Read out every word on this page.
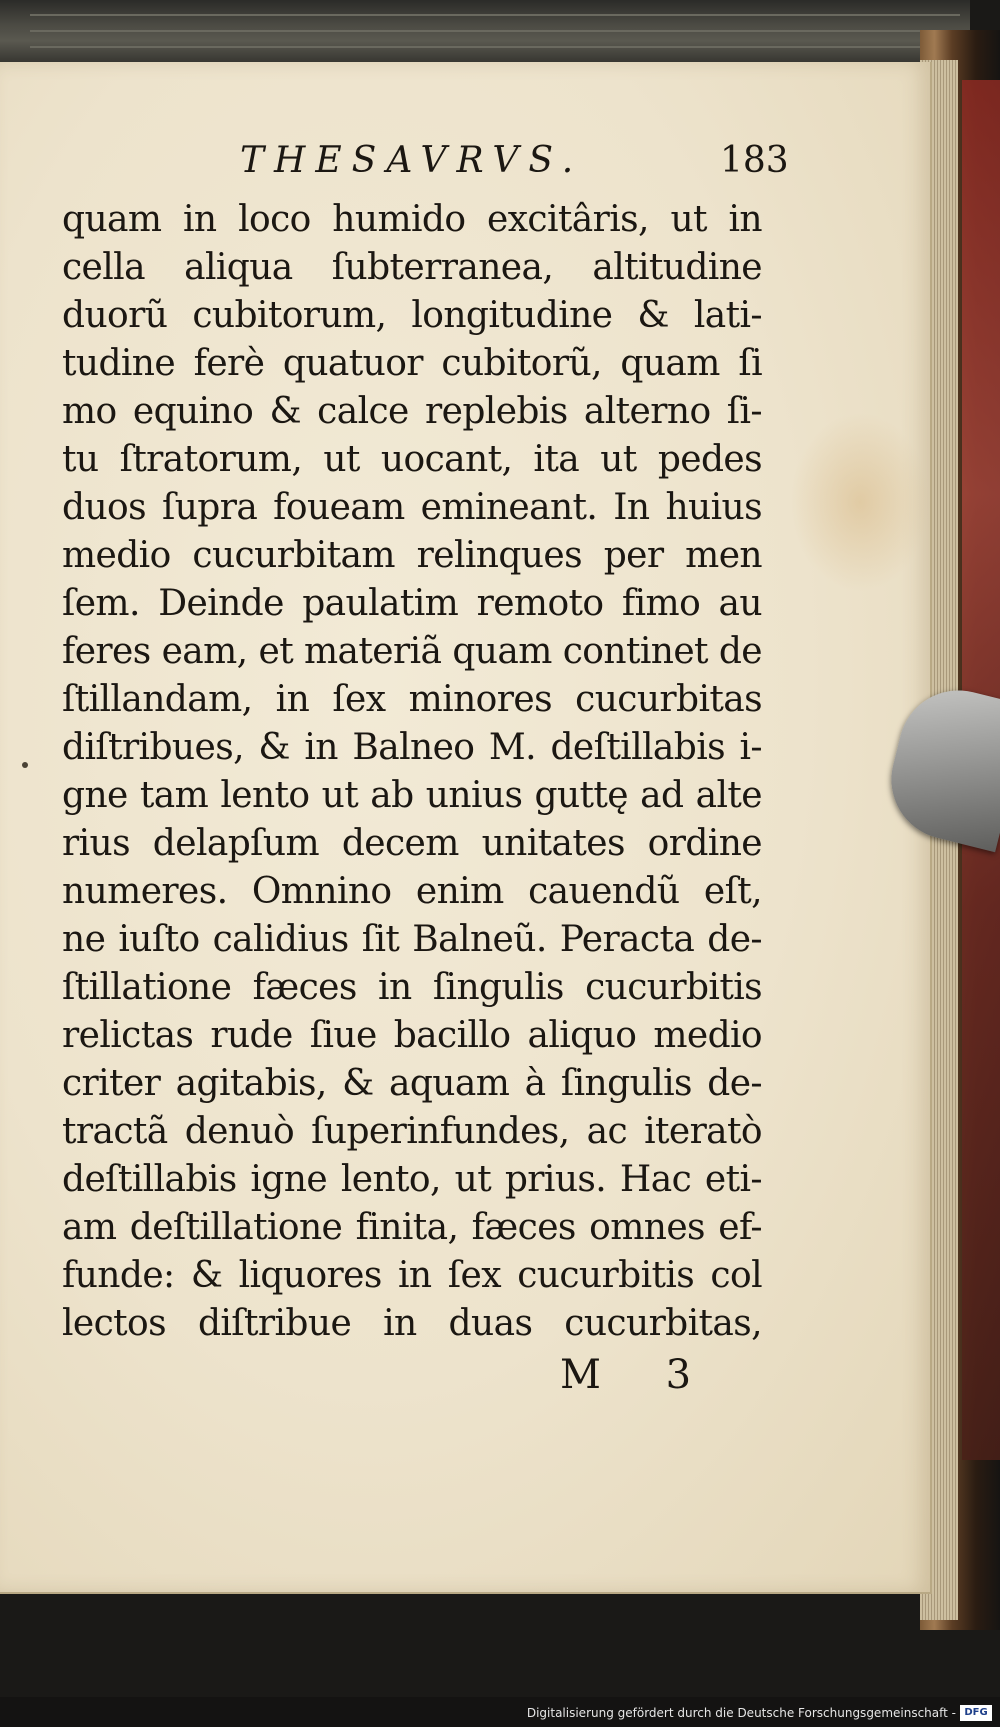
THESAVRVS.	183
quam in loco humido excitâris, ut in
cella aliqua ſubterranea, altitudine
duorũ cubitorum, longitudine & lati-
tudine ferè quatuor cubitorũ, quam ſi
mo equino & calce replebis alterno ſi-
tu ſtratorum, ut uocant, ita ut pedes
duos ſupra foueam emineant. In huius
medio cucurbitam relinques per men
ſem. Deinde paulatim remoto fimo au
feres eam, et materiã quam continet de
ſtillandam, in ſex minores cucurbitas
diſtribues, & in Balneo M. deſtillabis i-
gne tam lento ut ab unius guttę ad alte
rius delapſum decem unitates ordine
numeres. Omnino enim cauendũ eſt,
ne iuſto calidius ſit Balneũ. Peracta de-
ſtillatione fæces in ſingulis cucurbitis
relictas rude ſiue bacillo aliquo medio
criter agitabis, & aquam à ſingulis de-
tractã denuò ſuperinfundes, ac iteratò
deſtillabis igne lento, ut prius. Hac eti-
am deſtillatione finita, fæces omnes ef-
funde: & liquores in ſex cucurbitis col
lectos diſtribue in duas cucurbitas,
M 3
Digitalisierung gefördert durch die Deutsche Forschungsgemeinschaft - DFG
